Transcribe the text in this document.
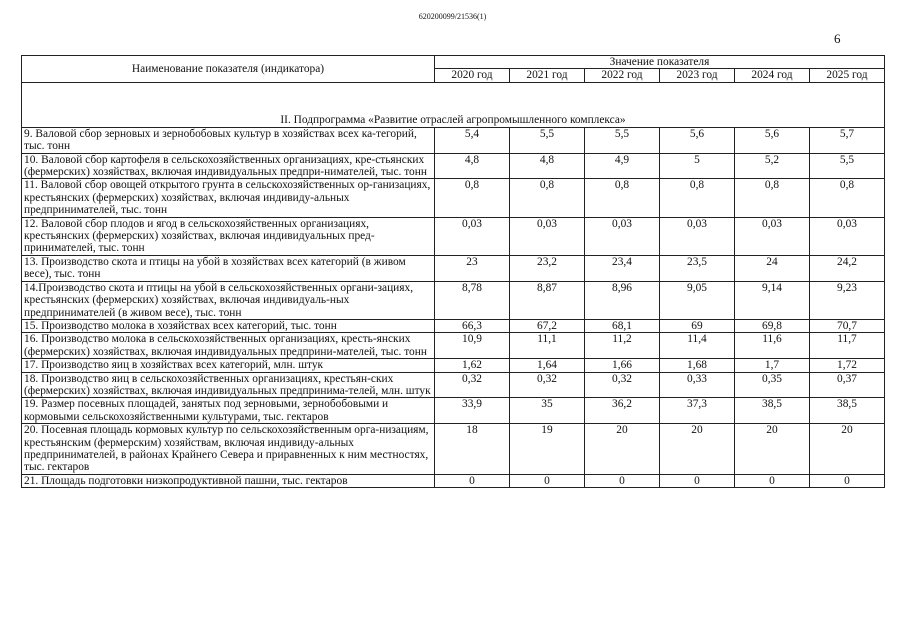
620200099/21536(1)
6
Наименование показателя (индикатора)	Значение показателя					
	2020 год	2021 год	2022 год	2023 год	2024 год	2025 год
II. Подпрограмма «Развитие отраслей агропромышленного комплекса»						
9. Валовой сбор зерновых и зернобобовых культур в хозяйствах всех ка-тегорий, тыс. тонн	5,4	5,5	5,5	5,6	5,6	5,7
10. Валовой сбор картофеля в сельскохозяйственных организациях, кре-стьянских (фермерских) хозяйствах, включая индивидуальных предпри-нимателей, тыс. тонн	4,8	4,8	4,9	5	5,2	5,5
11. Валовой сбор овощей открытого грунта в сельскохозяйственных ор-ганизациях, крестьянских (фермерских) хозяйствах, включая индивиду-альных предпринимателей, тыс. тонн	0,8	0,8	0,8	0,8	0,8	0,8
12. Валовой сбор плодов и ягод в сельскохозяйственных организациях, крестьянских (фермерских) хозяйствах, включая индивидуальных пред-принимателей, тыс. тонн	0,03	0,03	0,03	0,03	0,03	0,03
13. Производство скота и птицы на убой в хозяйствах всех категорий (в живом весе), тыс. тонн	23	23,2	23,4	23,5	24	24,2
14.Производство скота и птицы на убой в сельскохозяйственных органи-зациях, крестьянских (фермерских) хозяйствах, включая индивидуаль-ных предпринимателей (в живом весе), тыс. тонн	8,78	8,87	8,96	9,05	9,14	9,23
15. Производство молока в хозяйствах всех категорий, тыс. тонн	66,3	67,2	68,1	69	69,8	70,7
16. Производство молока в сельскохозяйственных организациях, кресть-янских (фермерских) хозяйствах, включая индивидуальных предприни-мателей, тыс. тонн	10,9	11,1	11,2	11,4	11,6	11,7
17. Производство яиц в хозяйствах всех категорий, млн. штук	1,62	1,64	1,66	1,68	1,7	1,72
18. Производство яиц в сельскохозяйственных организациях, крестьян-ских (фермерских) хозяйствах, включая индивидуальных предпринима-телей, млн. штук	0,32	0,32	0,32	0,33	0,35	0,37
19. Размер посевных площадей, занятых под зерновыми, зернобобовыми и кормовыми сельскохозяйственными культурами, тыс. гектаров	33,9	35	36,2	37,3	38,5	38,5
20. Посевная площадь кормовых культур по сельскохозяйственным орга-низациям, крестьянским (фермерским) хозяйствам, включая индивиду-альных предпринимателей, в районах Крайнего Севера и приравненных к ним местностях, тыс. гектаров	18	19	20	20	20	20
21. Площадь подготовки низкопродуктивной пашни, тыс. гектаров	0	0	0	0	0	0
